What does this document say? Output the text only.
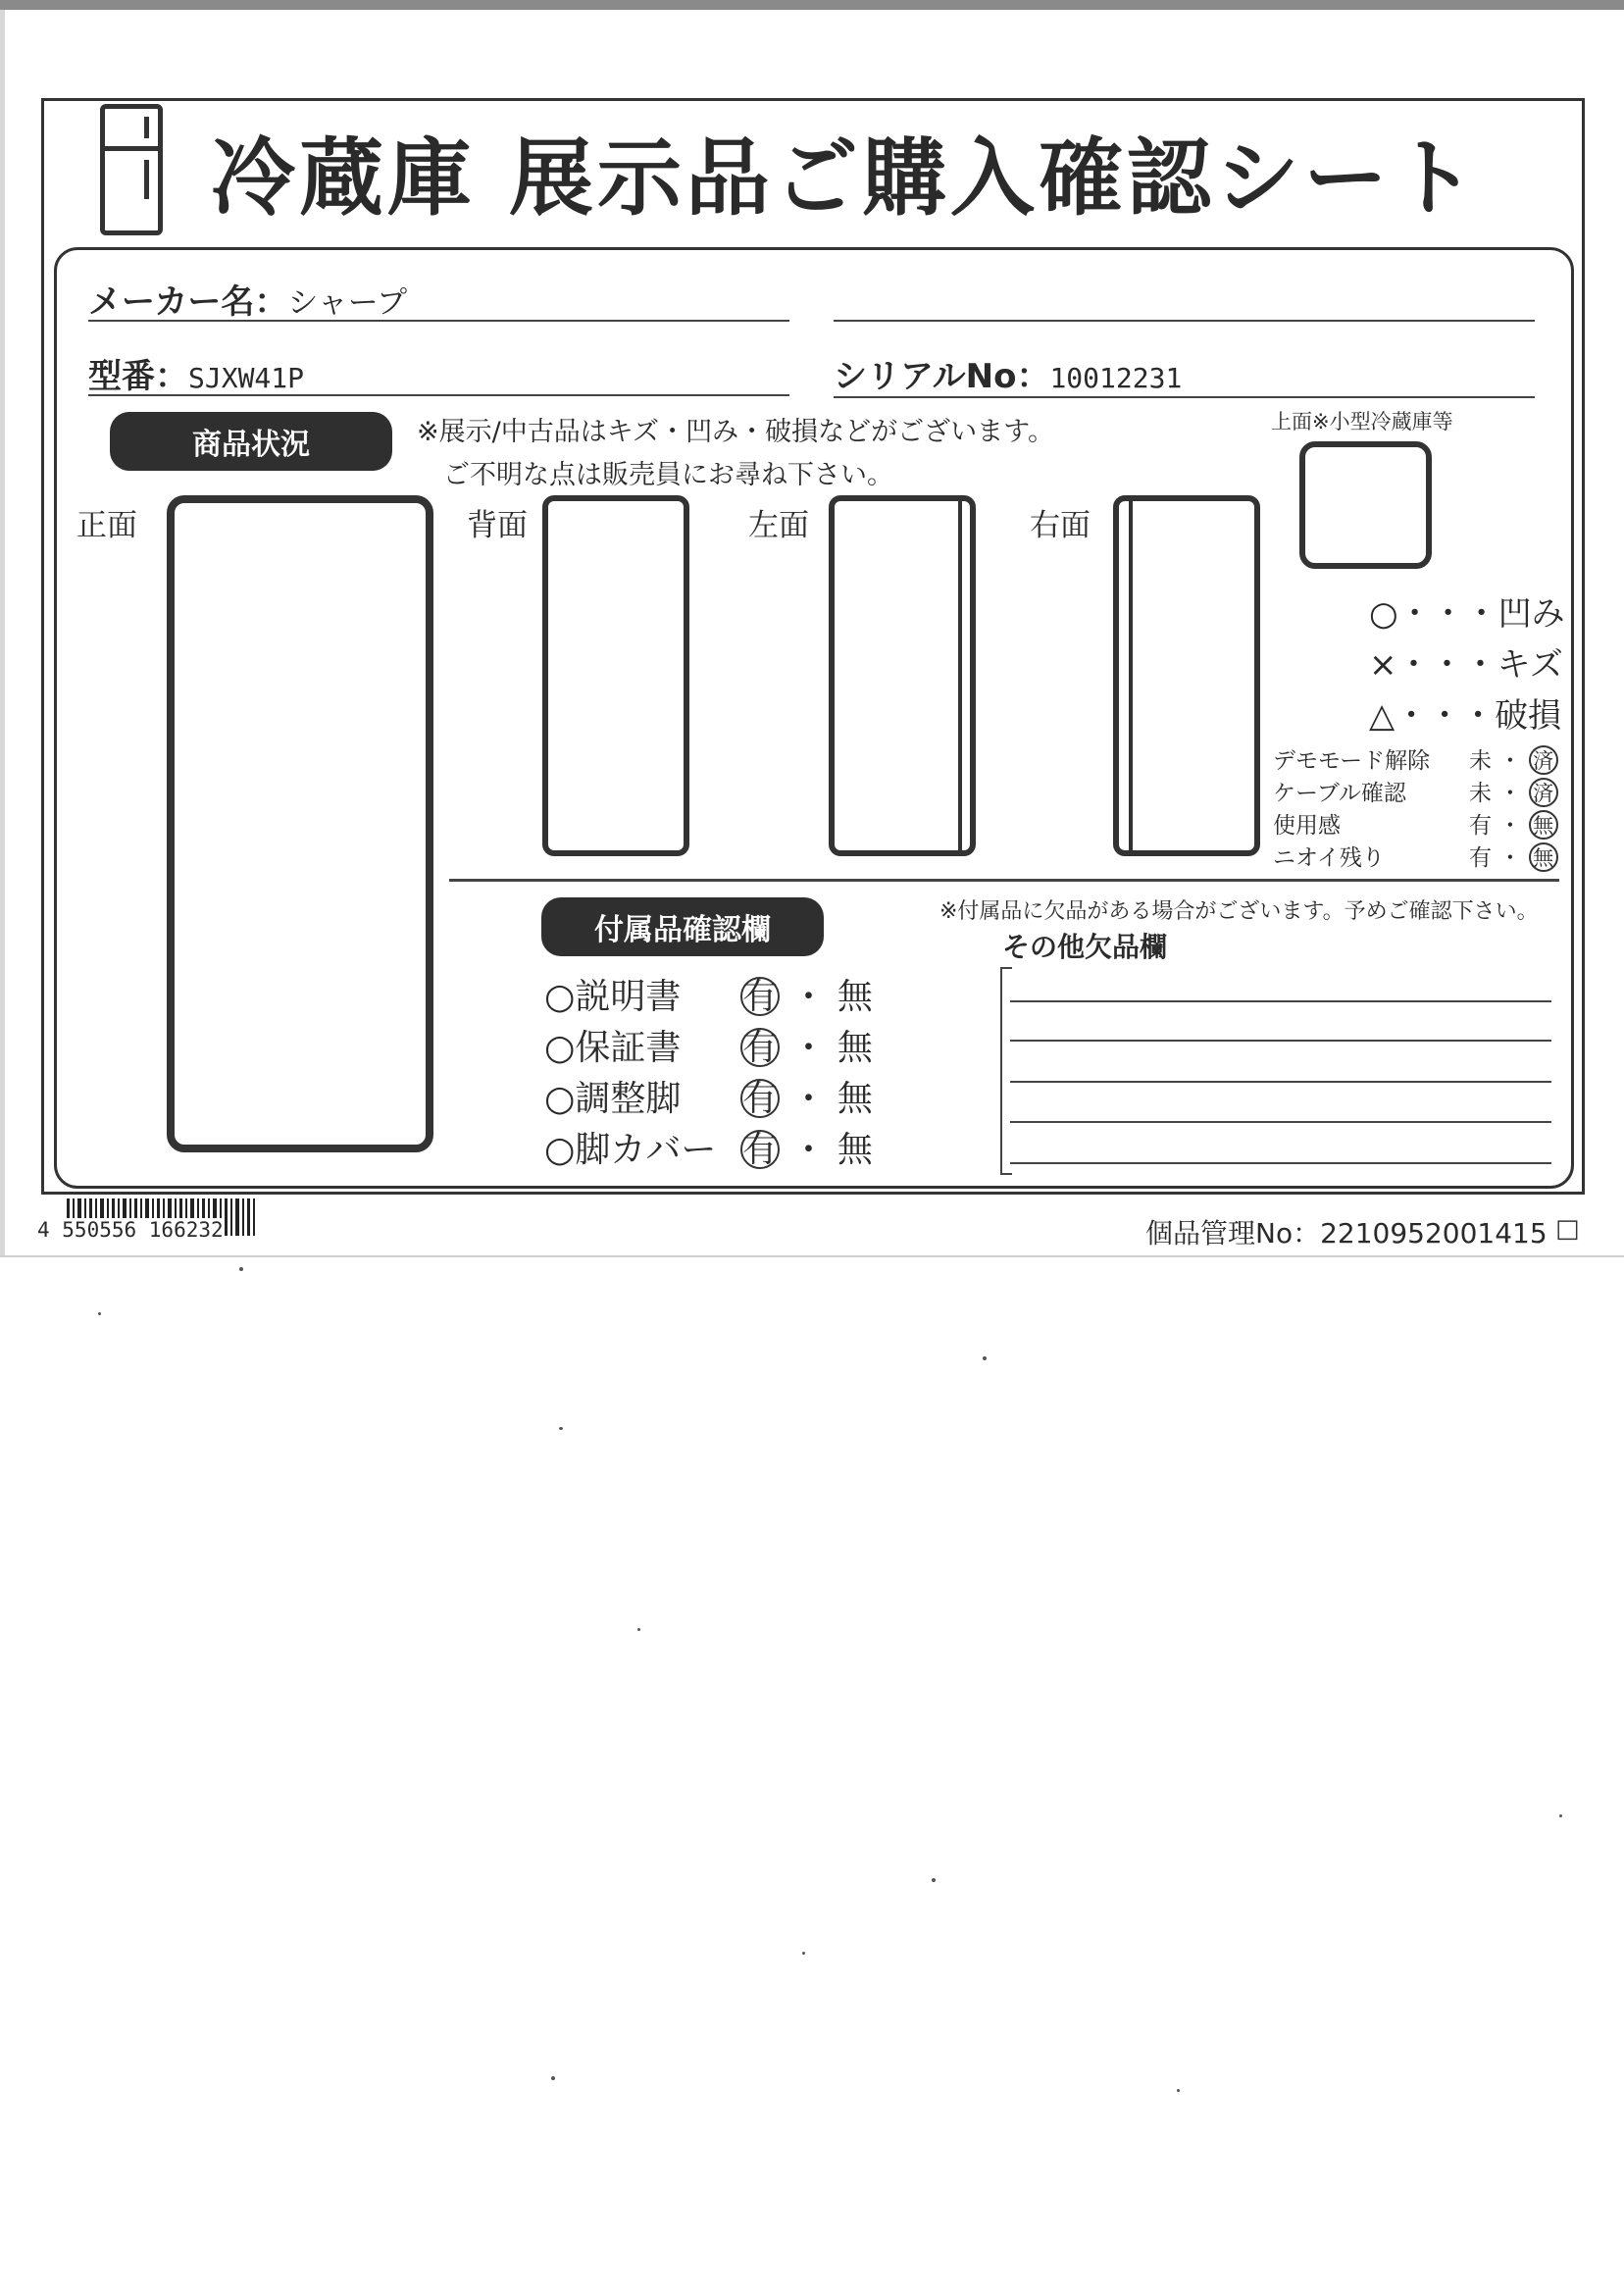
冷蔵庫 展示品ご購入確認シート
メーカー名：シャープ
型番：SJXW41P	シリアルNo：10012231
商品状況	※展示/中古品はキズ・凹み・破損などがございます。
ご不明な点は販売員にお尋ね下さい。
正面	背面	左面	右面
上面※小型冷蔵庫等
○・・・凹み
×・・・キズ
△・・・破損
デモモード解除 未 ・ 済
ケーブル確認	未 ・ 済
使用感	有 ・ 無
ニオイ残り	有 ・ 無
付属品確認欄
※付属品に欠品がある場合がございます。予めご確認下さい。
○説明書 有 ・ 無
○保証書 有 ・ 無
○調整脚 有 ・ 無
○脚カバー 有 ・ 無
その他欠品欄
4 550556 166232	個品管理No：2210952001415 □
